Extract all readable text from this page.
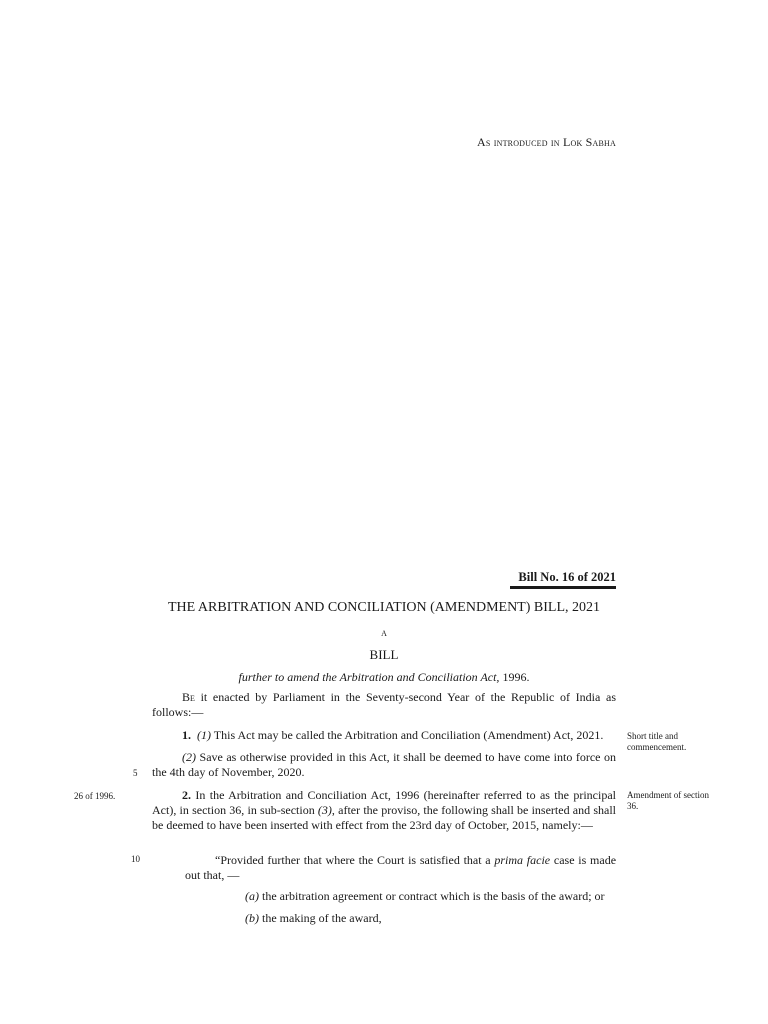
As introduced in Lok Sabha
Bill No. 16 of 2021
THE ARBITRATION AND CONCILIATION (AMENDMENT) BILL, 2021
A
BILL
further to amend the Arbitration and Conciliation Act, 1996.
Be it enacted by Parliament in the Seventy-second Year of the Republic of India as follows:—
1. (1) This Act may be called the Arbitration and Conciliation (Amendment) Act, 2021.	Short title and commencement.
(2) Save as otherwise provided in this Act, it shall be deemed to have come into force on the 4th day of November, 2020.
5
26 of 1996.	2. In the Arbitration and Conciliation Act, 1996 (hereinafter referred to as the principal Act), in section 36, in sub-section (3), after the proviso, the following shall be inserted and shall be deemed to have been inserted with effect from the 23rd day of October, 2015, namely:—
Amendment of section 36.
10	“Provided further that where the Court is satisfied that a prima facie case is made out that, —
(a) the arbitration agreement or contract which is the basis of the award; or
(b) the making of the award,
